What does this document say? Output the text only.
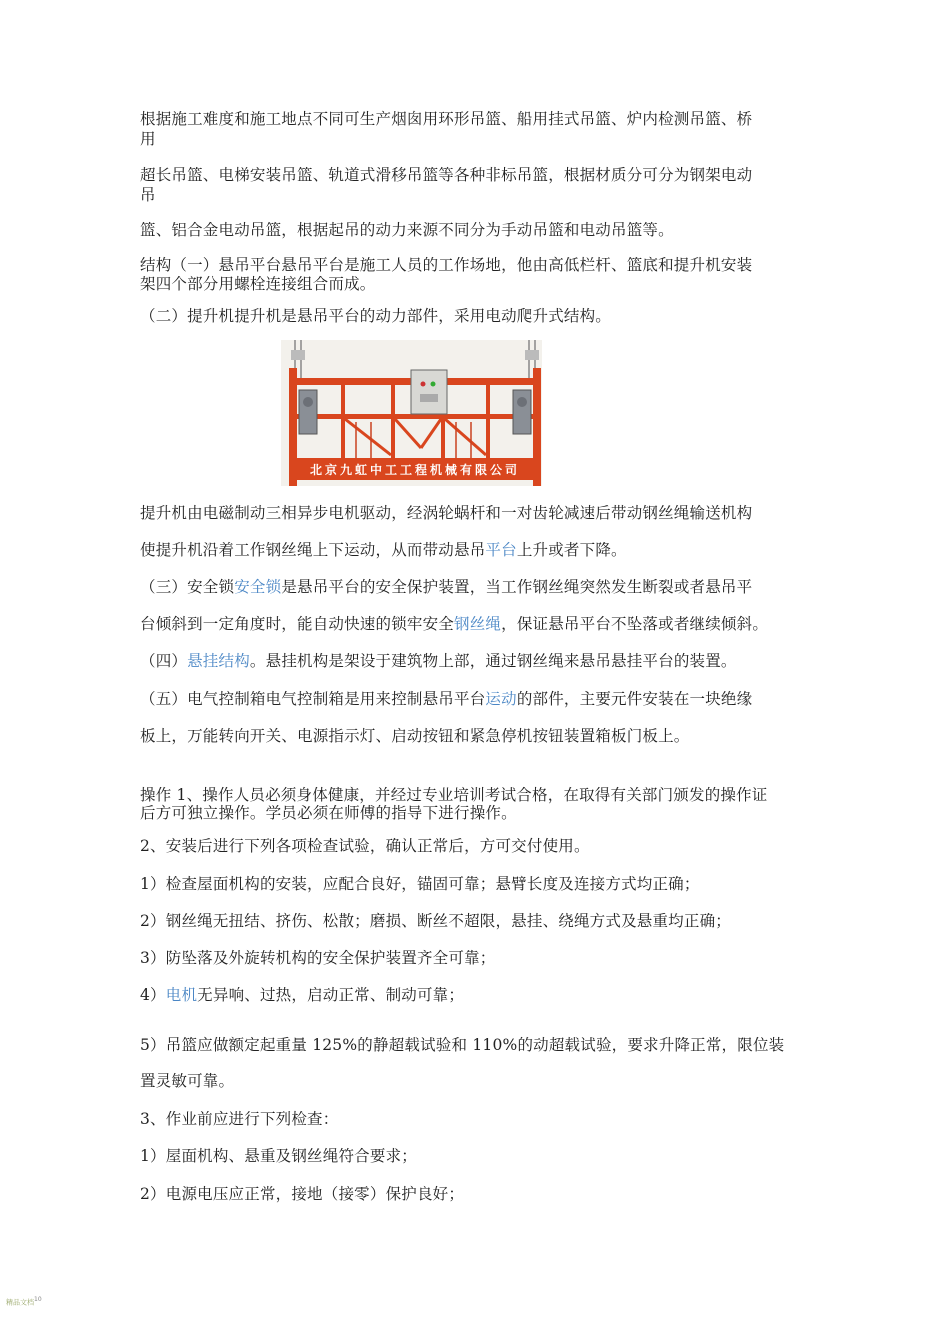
根据施工难度和施工地点不同可生产烟囱用环形吊篮、船用挂式吊篮、炉内检测吊篮、桥
用
超长吊篮、电梯安装吊篮、轨道式滑移吊篮等各种非标吊篮，根据材质分可分为钢架电动
吊
篮、铝合金电动吊篮，根据起吊的动力来源不同分为手动吊篮和电动吊篮等。
结构（一）悬吊平台悬吊平台是施工人员的工作场地，他由高低栏杆、篮底和提升机安装
架四个部分用螺栓连接组合而成。
（二）提升机提升机是悬吊平台的动力部件，采用电动爬升式结构。
北京九虹中工工程机械有限公司
提升机由电磁制动三相异步电机驱动，经涡轮蜗杆和一对齿轮减速后带动钢丝绳输送机构
使提升机沿着工作钢丝绳上下运动，从而带动悬吊平台上升或者下降。
（三）安全锁安全锁是悬吊平台的安全保护装置，当工作钢丝绳突然发生断裂或者悬吊平
台倾斜到一定角度时，能自动快速的锁牢安全钢丝绳，保证悬吊平台不坠落或者继续倾斜。
（四）悬挂结构。悬挂机构是架设于建筑物上部，通过钢丝绳来悬吊悬挂平台的装置。
（五）电气控制箱电气控制箱是用来控制悬吊平台运动的部件，主要元件安装在一块绝缘
板上，万能转向开关、电源指示灯、启动按钮和紧急停机按钮装置箱板门板上。
操作 1、操作人员必须身体健康，并经过专业培训考试合格，在取得有关部门颁发的操作证
后方可独立操作。学员必须在师傅的指导下进行操作。
2、安装后进行下列各项检查试验，确认正常后，方可交付使用。
1）检查屋面机构的安装，应配合良好，锚固可靠；悬臂长度及连接方式均正确；
2）钢丝绳无扭结、挤伤、松散；磨损、断丝不超限，悬挂、绕绳方式及悬重均正确；
3）防坠落及外旋转机构的安全保护装置齐全可靠；
4）电机无异响、过热，启动正常、制动可靠；
5）吊篮应做额定起重量 125%的静超载试验和 110%的动超载试验，要求升降正常，限位装
置灵敏可靠。
3、作业前应进行下列检查：
1）屋面机构、悬重及钢丝绳符合要求；
2）电源电压应正常，接地（接零）保护良好；
精品文档$^{10}$
